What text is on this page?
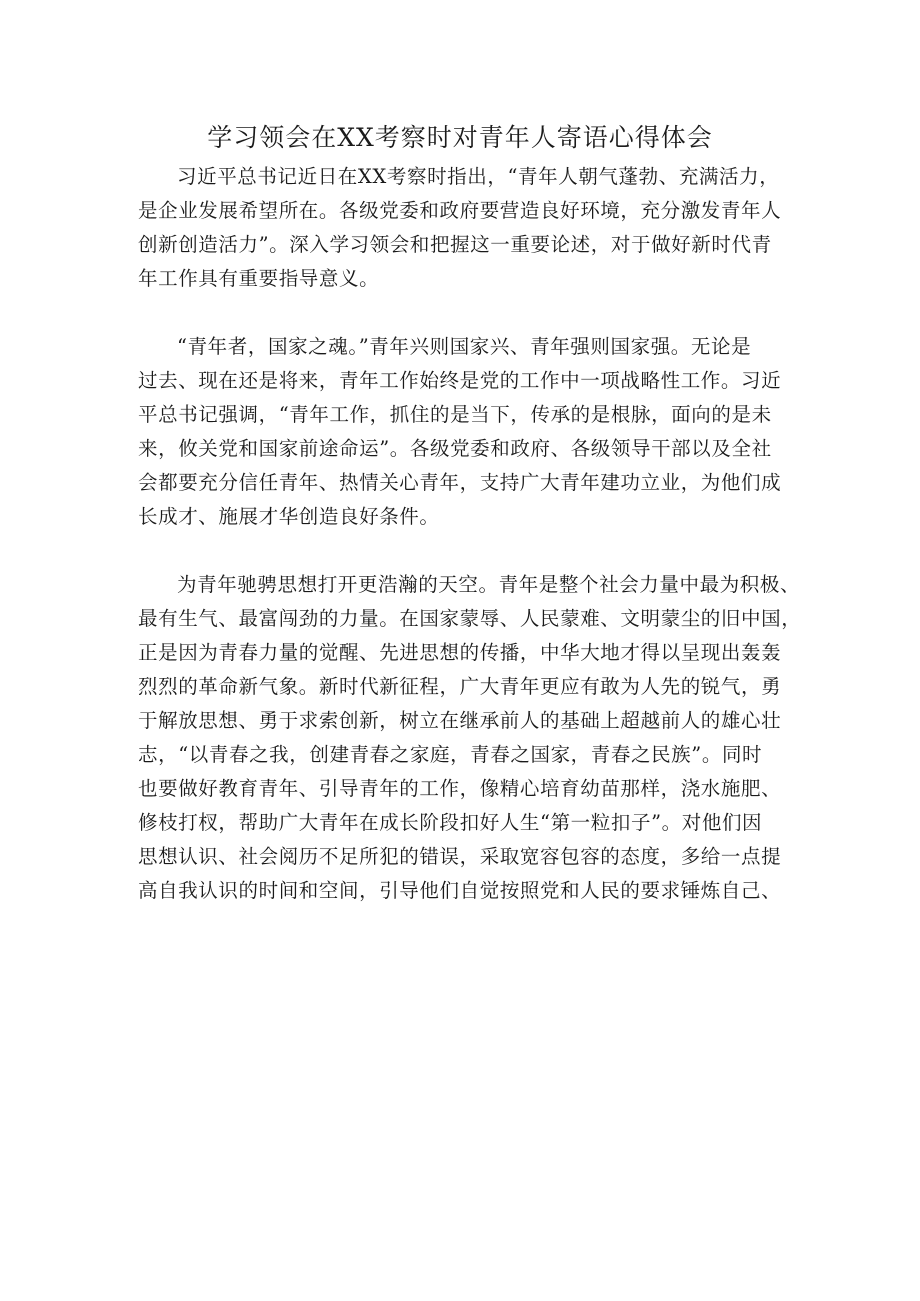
学习领会在XX考察时对青年人寄语心得体会
习近平总书记近日在XX考察时指出，“青年人朝气蓬勃、充满活力，
是企业发展希望所在。各级党委和政府要营造良好环境，充分激发青年人
创新创造活力”。深入学习领会和把握这一重要论述，对于做好新时代青
年工作具有重要指导意义。
“青年者，国家之魂。”青年兴则国家兴、青年强则国家强。无论是
过去、现在还是将来，青年工作始终是党的工作中一项战略性工作。习近
平总书记强调，“青年工作，抓住的是当下，传承的是根脉，面向的是未
来，攸关党和国家前途命运”。各级党委和政府、各级领导干部以及全社
会都要充分信任青年、热情关心青年，支持广大青年建功立业，为他们成
长成才、施展才华创造良好条件。
为青年驰骋思想打开更浩瀚的天空。青年是整个社会力量中最为积极、
最有生气、最富闯劲的力量。在国家蒙辱、人民蒙难、文明蒙尘的旧中国，
正是因为青春力量的觉醒、先进思想的传播，中华大地才得以呈现出轰轰
烈烈的革命新气象。新时代新征程，广大青年更应有敢为人先的锐气，勇
于解放思想、勇于求索创新，树立在继承前人的基础上超越前人的雄心壮
志，“以青春之我，创建青春之家庭，青春之国家，青春之民族”。同时
也要做好教育青年、引导青年的工作，像精心培育幼苗那样，浇水施肥、
修枝打杈，帮助广大青年在成长阶段扣好人生“第一粒扣子”。对他们因
思想认识、社会阅历不足所犯的错误，采取宽容包容的态度，多给一点提
高自我认识的时间和空间，引导他们自觉按照党和人民的要求锤炼自己、
